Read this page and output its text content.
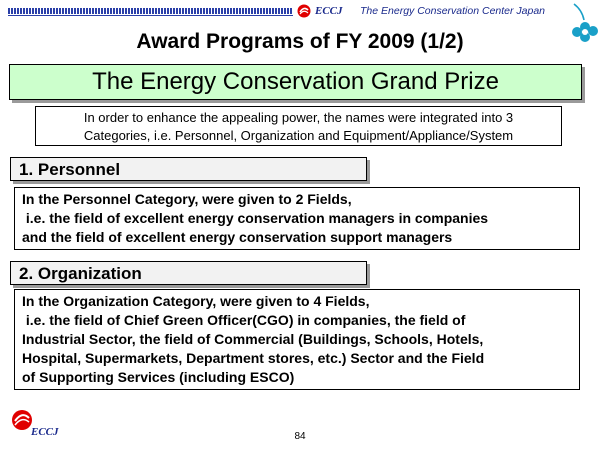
ECCJ The Energy Conservation Center Japan
Award Programs of FY 2009 (1/2)
The Energy Conservation Grand Prize
In order to enhance the appealing power, the names were integrated into 3
Categories, i.e. Personnel, Organization and Equipment/Appliance/System
1. Personnel
In the Personnel Category, were given to 2 Fields,
i.e. the field of excellent energy conservation managers in companies
and the field of excellent energy conservation support managers
2. Organization
In the Organization Category, were given to 4 Fields,
i.e. the field of Chief Green Officer(CGO) in companies, the field of
Industrial Sector, the field of Commercial (Buildings, Schools, Hotels,
Hospital, Supermarkets, Department stores, etc.) Sector and the Field
of Supporting Services (including ESCO)
ECCJ	84
